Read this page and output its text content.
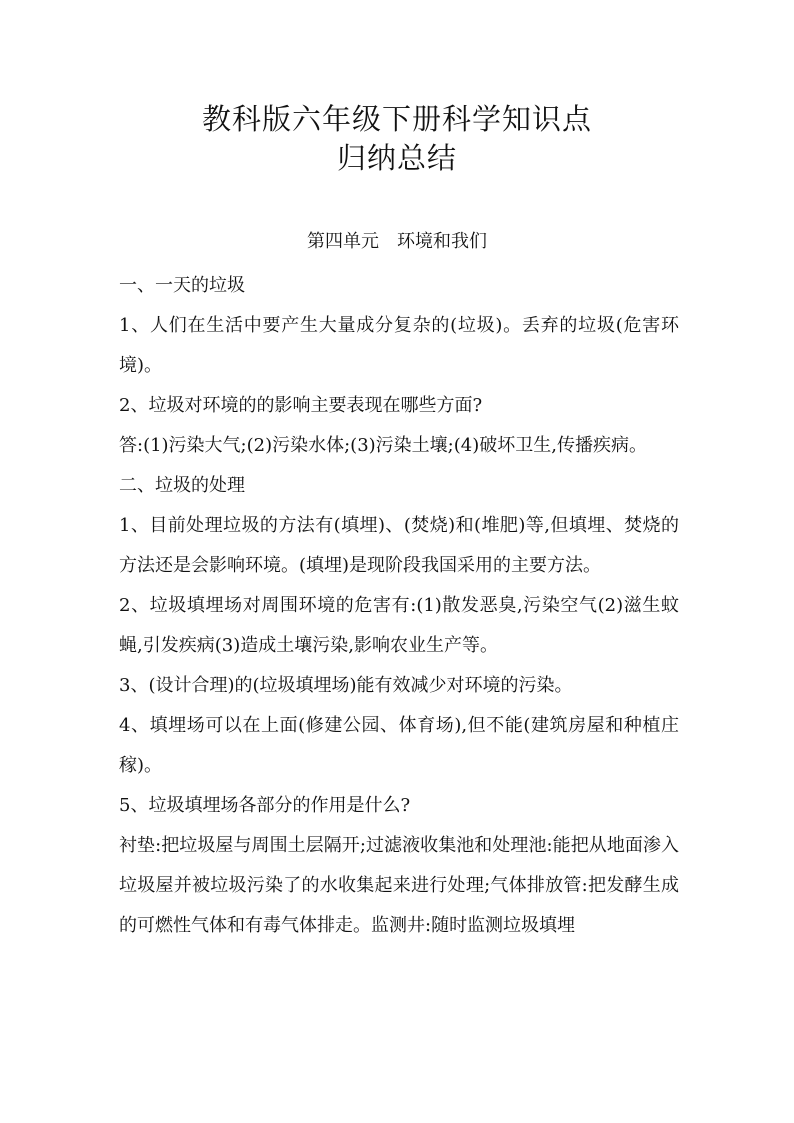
教科版六年级下册科学知识点
归纳总结
第四单元 环境和我们

一、一天的垃圾

1、人们在生活中要产生大量成分复杂的(垃圾)。丢弃的垃圾(危害环境)。

2、垃圾对环境的的影响主要表现在哪些方面?

答:(1)污染大气;(2)污染水体;(3)污染土壤;(4)破坏卫生,传播疾病。

二、垃圾的处理

1、目前处理垃圾的方法有(填埋)、(焚烧)和(堆肥)等,但填埋、焚烧的方法还是会影响环境。(填埋)是现阶段我国采用的主要方法。

2、垃圾填埋场对周围环境的危害有:(1)散发恶臭,污染空气(2)滋生蚊蝇,引发疾病(3)造成土壤污染,影响农业生产等。

3、(设计合理)的(垃圾填埋场)能有效减少对环境的污染。

4、填埋场可以在上面(修建公园、体育场),但不能(建筑房屋和种植庄稼)。

5、垃圾填埋场各部分的作用是什么?

衬垫:把垃圾屋与周围土层隔开;过滤液收集池和处理池:能把从地面渗入垃圾屋并被垃圾污染了的水收集起来进行处理;气体排放管:把发酵生成的可燃性气体和有毒气体排走。监测井:随时监测垃圾填埋
